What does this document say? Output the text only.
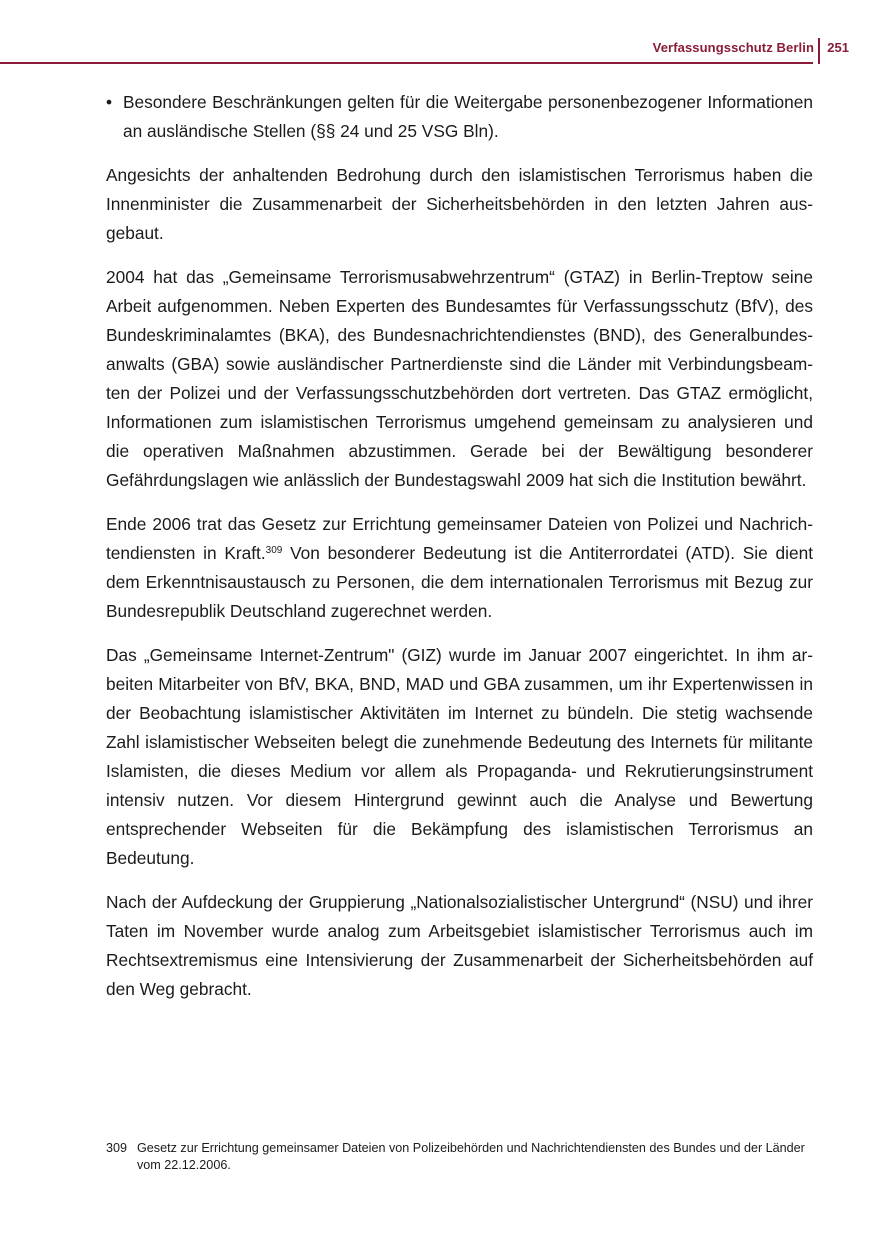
Verfassungsschutz Berlin 251
• Besondere Beschränkungen gelten für die Weitergabe personenbezogener Informationen an ausländische Stellen (§§ 24 und 25 VSG Bln).

Angesichts der anhaltenden Bedrohung durch den islamistischen Terrorismus haben die Innenminister die Zusammenarbeit der Sicherheitsbehörden in den letzten Jahren ausgebaut.

2004 hat das „Gemeinsame Terrorismusabwehrzentrum“ (GTAZ) in Berlin-Treptow seine Arbeit aufgenommen. Neben Experten des Bundesamtes für Verfassungsschutz (BfV), des Bundeskriminalamtes (BKA), des Bundesnachrichtendienstes (BND), des Generalbundesanwalts (GBA) sowie ausländischer Partnerdienste sind die Länder mit Verbindungsbeamten der Polizei und der Verfassungsschutzbehörden dort vertreten. Das GTAZ ermöglicht, Informationen zum islamistischen Terrorismus umgehend gemeinsam zu analysieren und die operativen Maßnahmen abzustimmen. Gerade bei der Bewältigung besonderer Gefährdungslagen wie anlässlich der Bundestagswahl 2009 hat sich die Institution bewährt.

Ende 2006 trat das Gesetz zur Errichtung gemeinsamer Dateien von Polizei und Nachrichtendiensten in Kraft.$^{309}$ Von besonderer Bedeutung ist die Antiterrordatei (ATD). Sie dient dem Erkenntnisaustausch zu Personen, die dem internationalen Terrorismus mit Bezug zur Bundesrepublik Deutschland zugerechnet werden.

Das „Gemeinsame Internet-Zentrum" (GIZ) wurde im Januar 2007 eingerichtet. In ihm arbeiten Mitarbeiter von BfV, BKA, BND, MAD und GBA zusammen, um ihr Expertenwissen in der Beobachtung islamistischer Aktivitäten im Internet zu bündeln. Die stetig wachsende Zahl islamistischer Webseiten belegt die zunehmende Bedeutung des Internets für militante Islamisten, die dieses Medium vor allem als Propaganda- und Rekrutierungsinstrument intensiv nutzen. Vor diesem Hintergrund gewinnt auch die Analyse und Bewertung entsprechender Webseiten für die Bekämpfung des islamistischen Terrorismus an Bedeutung.

Nach der Aufdeckung der Gruppierung „Nationalsozialistischer Untergrund“ (NSU) und ihrer Taten im November wurde analog zum Arbeitsgebiet islamistischer Terrorismus auch im Rechtsextremismus eine Intensivierung der Zusammenarbeit der Sicherheitsbehörden auf den Weg gebracht.

309 Gesetz zur Errichtung gemeinsamer Dateien von Polizeibehörden und Nachrichtendiensten des Bundes und der Länder vom 22.12.2006.
